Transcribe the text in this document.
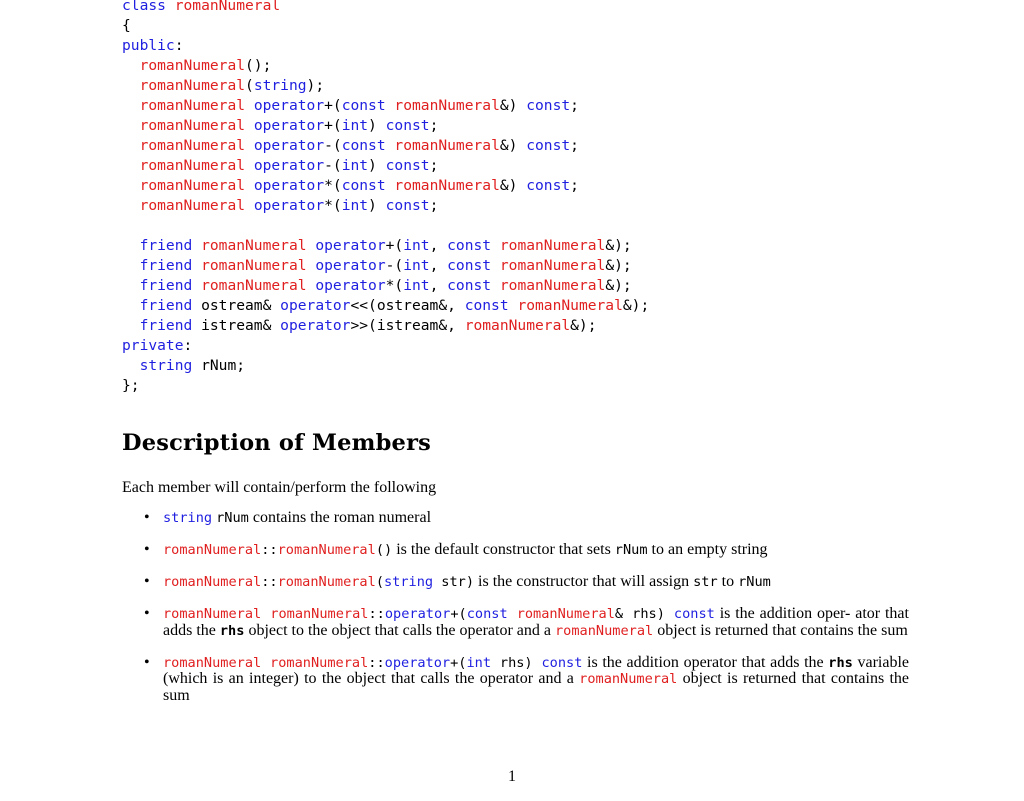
class romanNumeral
{
public:
romanNumeral();
romanNumeral(string);
romanNumeral operator+(const romanNumeral&) const;
romanNumeral operator+(int) const;
romanNumeral operator-(const romanNumeral&) const;
romanNumeral operator-(int) const;
romanNumeral operator*(const romanNumeral&) const;
romanNumeral operator*(int) const;
friend romanNumeral operator+(int, const romanNumeral&);
friend romanNumeral operator-(int, const romanNumeral&);
friend romanNumeral operator*(int, const romanNumeral&);
friend ostream& operator<<(ostream&, const romanNumeral&);
friend istream& operator>>(istream&, romanNumeral&);
private:
string rNum;
};
Description of Members

Each member will contain/perform the following

• string rNum contains the roman numeral
• romanNumeral::romanNumeral() is the default constructor that sets rNum to an empty string
• romanNumeral::romanNumeral(string str) is the constructor that will assign str to rNum
• romanNumeral romanNumeral::operator+(const romanNumeral& rhs) const is the addition oper- ator that adds the rhs object to the object that calls the operator and a romanNumeral object is returned that contains the sum
• romanNumeral romanNumeral::operator+(int rhs) const is the addition operator that adds the rhs variable (which is an integer) to the object that calls the operator and a romanNumeral object is returned that contains the sum
1
